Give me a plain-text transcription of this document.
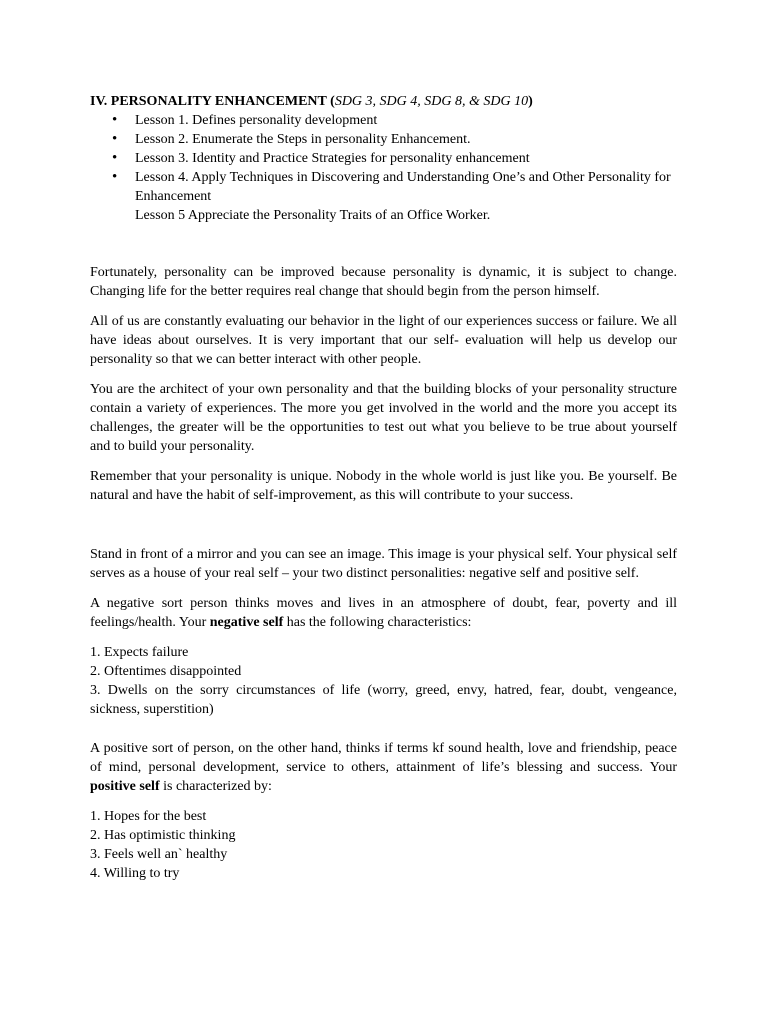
IV. PERSONALITY ENHANCEMENT (SDG 3, SDG 4, SDG 8, & SDG 10)
• Lesson 1. Defines personality development
• Lesson 2. Enumerate the Steps in personality Enhancement.
• Lesson 3. Identity and Practice Strategies for personality enhancement
• Lesson 4. Apply Techniques in Discovering and Understanding One’s and Other Personality for Enhancement
Lesson 5 Appreciate the Personality Traits of an Office Worker.

Fortunately, personality can be improved because personality is dynamic, it is subject to change. Changing life for the better requires real change that should begin from the person himself.

All of us are constantly evaluating our behavior in the light of our experiences success or failure. We all have ideas about ourselves. It is very important that our self- evaluation will help us develop our personality so that we can better interact with other people.

You are the architect of your own personality and that the building blocks of your personality structure contain a variety of experiences. The more you get involved in the world and the more you accept its challenges, the greater will be the opportunities to test out what you believe to be true about yourself and to build your personality.

Remember that your personality is unique. Nobody in the whole world is just like you. Be yourself. Be natural and have the habit of self-improvement, as this will contribute to your success.

Stand in front of a mirror and you can see an image. This image is your physical self. Your physical self serves as a house of your real self – your two distinct personalities: negative self and positive self.

A negative sort person thinks moves and lives in an atmosphere of doubt, fear, poverty and ill feelings/health. Your negative self has the following characteristics:

1. Expects failure
2. Oftentimes disappointed
3. Dwells on the sorry circumstances of life (worry, greed, envy, hatred, fear, doubt, vengeance, sickness, superstition)

A positive sort of person, on the other hand, thinks if terms kf sound health, love and friendship, peace of mind, personal development, service to others, attainment of life’s blessing and success. Your positive self is characterized by:

1. Hopes for the best
2. Has optimistic thinking
3. Feels well an` healthy
4. Willing to try
